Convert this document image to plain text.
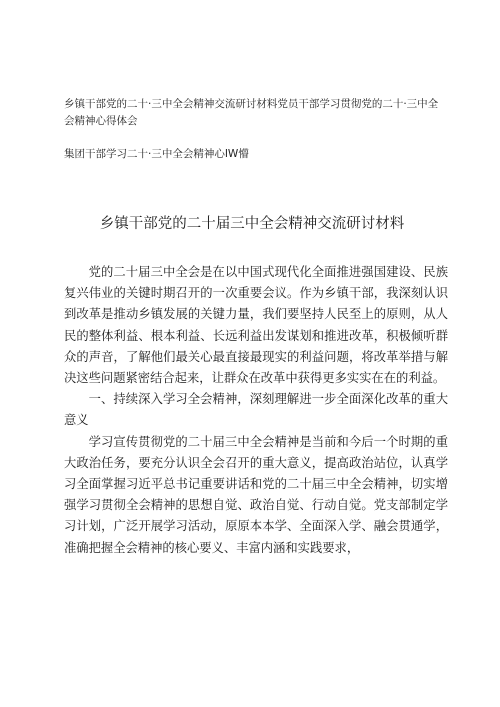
乡镇干部党的二十·三中全会精神交流研讨材料党员干部学习贯彻党的二十·三中全会精神心得体会

集团干部学习二十·三中全会精神心IW懵

乡镇干部党的二十届三中全会精神交流研讨材料

党的二十届三中全会是在以中国式现代化全面推进强国建设、民族复兴伟业的关键时期召开的一次重要会议。作为乡镇干部，我深刻认识到改革是推动乡镇发展的关键力量，我们要坚持人民至上的原则，从人民的整体利益、根本利益、长远利益出发谋划和推进改革，积极倾听群众的声音，了解他们最关心最直接最现实的利益问题，将改革举措与解决这些问题紧密结合起来，让群众在改革中获得更多实实在在的利益。

一、持续深入学习全会精神，深刻理解进一步全面深化改革的重大意义

学习宣传贯彻党的二十届三中全会精神是当前和今后一个时期的重大政治任务，要充分认识全会召开的重大意义，提高政治站位，认真学习全面掌握习近平总书记重要讲话和党的二十届三中全会精神，切实增强学习贯彻全会精神的思想自觉、政治自觉、行动自觉。党支部制定学习计划，广泛开展学习活动，原原本本学、全面深入学、融会贯通学，准确把握全会精神的核心要义、丰富内涵和实践要求，
